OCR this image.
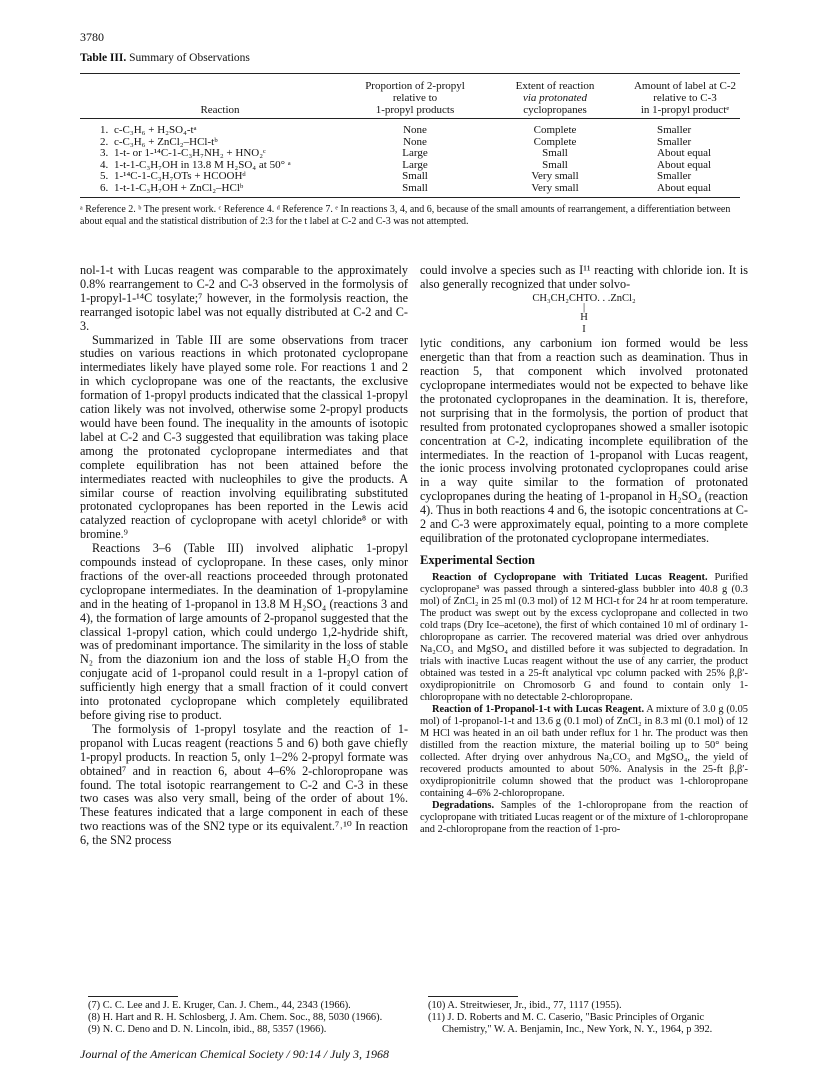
3780
Table III. Summary of Observations
Reaction
Proportion of 2-propyl
relative to
1-propyl products
Extent of reaction
via protonated
cyclopropanes
Amount of label at C-2
relative to C-3
in 1-propyl productᵉ
1. c-C₃H₆ + H₂SO₄-tᵃ	None	Complete	Smaller
2. c-C₃H₆ + ZnCl₂–HCl-tᵇ	None	Complete	Smaller
3. 1-t- or 1-¹⁴C-1-C₃H₇NH₂ + HNO₂ᶜ	Large	Small	About equal
4. 1-t-1-C₃H₇OH in 13.8 M H₂SO₄ at 50° ᵃ	Large	Small	About equal
5. 1-¹⁴C-1-C₃H₇OTs + HCOOHᵈ	Small	Very small	Smaller
6. 1-t-1-C₃H₇OH + ZnCl₂–HClᵇ	Small	Very small	About equal
ᵃ Reference 2. ᵇ The present work. ᶜ Reference 4. ᵈ Reference 7. ᵉ In reactions 3, 4, and 6, because of the small amounts of rearrangement, a differentiation between about equal and the statistical distribution of 2:3 for the t label at C-2 and C-3 was not attempted.

nol-1-t with Lucas reagent was comparable to the approximately 0.8% rearrangement to C-2 and C-3 observed in the formolysis of 1-propyl-1-¹⁴C tosylate;⁷ however, in the formolysis reaction, the rearranged isotopic label was not equally distributed at C-2 and C-3.

Summarized in Table III are some observations from tracer studies on various reactions in which protonated cyclopropane intermediates likely have played some role. For reactions 1 and 2 in which cyclopropane was one of the reactants, the exclusive formation of 1-propyl products indicated that the classical 1-propyl cation likely was not involved, otherwise some 2-propyl products would have been found. The inequality in the amounts of isotopic label at C-2 and C-3 suggested that equilibration was taking place among the protonated cyclopropane intermediates and that complete equilibration has not been attained before the intermediates reacted with nucleophiles to give the products. A similar course of reaction involving equilibrating substituted protonated cyclopropanes has been reported in the Lewis acid catalyzed reaction of cyclopropane with acetyl chloride⁸ or with bromine.⁹

Reactions 3–6 (Table III) involved aliphatic 1-propyl compounds instead of cyclopropane. In these cases, only minor fractions of the over-all reactions proceeded through protonated cyclopropane intermediates. In the deamination of 1-propylamine and in the heating of 1-propanol in 13.8 M H₂SO₄ (reactions 3 and 4), the formation of large amounts of 2-propanol suggested that the classical 1-propyl cation, which could undergo 1,2-hydride shift, was of predominant importance. The similarity in the loss of stable N₂ from the diazonium ion and the loss of stable H₂O from the conjugate acid of 1-propanol could result in a 1-propyl cation of sufficiently high energy that a small fraction of it could convert into protonated cyclopropane which completely equilibrated before giving rise to product.

The formolysis of 1-propyl tosylate and the reaction of 1-propanol with Lucas reagent (reactions 5 and 6) both gave chiefly 1-propyl products. In reaction 5, only 1–2% 2-propyl formate was obtained⁷ and in reaction 6, about 4–6% 2-chloropropane was found. The total isotopic rearrangement to C-2 and C-3 in these two cases was also very small, being of the order of about 1%. These features indicated that a large component in each of these two reactions was of the SN2 type or its equivalent.⁷˒¹⁰ In reaction 6, the SN2 process

could involve a species such as I¹¹ reacting with chloride ion. It is also generally recognized that under solvo-

CH₃CH₂CHTO. . .ZnCl₂
|
H
I

lytic conditions, any carbonium ion formed would be less energetic than that from a reaction such as deamination. Thus in reaction 5, that component which involved protonated cyclopropane intermediates would not be expected to behave like the protonated cyclopropanes in the deamination. It is, therefore, not surprising that in the formolysis, the portion of product that resulted from protonated cyclopropanes showed a smaller isotopic concentration at C-2, indicating incomplete equilibration of the intermediates. In the reaction of 1-propanol with Lucas reagent, the ionic process involving protonated cyclopropanes could arise in a way quite similar to the formation of protonated cyclopropanes during the heating of 1-propanol in H₂SO₄ (reaction 4). Thus in both reactions 4 and 6, the isotopic concentrations at C-2 and C-3 were approximately equal, pointing to a more complete equilibration of the protonated cyclopropane intermediates.

Experimental Section

Reaction of Cyclopropane with Tritiated Lucas Reagent. Purified cyclopropane³ was passed through a sintered-glass bubbler into 40.8 g (0.3 mol) of ZnCl₂ in 25 ml (0.3 mol) of 12 M HCl-t for 24 hr at room temperature. The product was swept out by the excess cyclopropane and collected in two cold traps (Dry Ice–acetone), the first of which contained 10 ml of ordinary 1-chloropropane as carrier. The recovered material was dried over anhydrous Na₂CO₃ and MgSO₄ and distilled before it was subjected to degradation. In trials with inactive Lucas reagent without the use of any carrier, the product obtained was tested in a 25-ft analytical vpc column packed with 25% β,β′-oxydipropionitrile on Chromosorb G and found to contain only 1-chloropropane with no detectable 2-chloropropane.

Reaction of 1-Propanol-1-t with Lucas Reagent. A mixture of 3.0 g (0.05 mol) of 1-propanol-1-t and 13.6 g (0.1 mol) of ZnCl₂ in 8.3 ml (0.1 mol) of 12 M HCl was heated in an oil bath under reflux for 1 hr. The product was then distilled from the reaction mixture, the material boiling up to 50° being collected. After drying over anhydrous Na₂CO₃ and MgSO₄, the yield of recovered products amounted to about 50%. Analysis in the 25-ft β,β′-oxydipropionitrile column showed that the product was 1-chloropropane containing 4–6% 2-chloropropane.

Degradations. Samples of the 1-chloropropane from the reaction of cyclopropane with tritiated Lucas reagent or of the mixture of 1-chloropropane and 2-chloropropane from the reaction of 1-pro-

(7) C. C. Lee and J. E. Kruger, Can. J. Chem., 44, 2343 (1966).
(8) H. Hart and R. H. Schlosberg, J. Am. Chem. Soc., 88, 5030 (1966).
(9) N. C. Deno and D. N. Lincoln, ibid., 88, 5357 (1966).
(10) A. Streitwieser, Jr., ibid., 77, 1117 (1955).
(11) J. D. Roberts and M. C. Caserio, "Basic Principles of Organic
Chemistry," W. A. Benjamin, Inc., New York, N. Y., 1964, p 392.
Journal of the American Chemical Society / 90:14 / July 3, 1968
